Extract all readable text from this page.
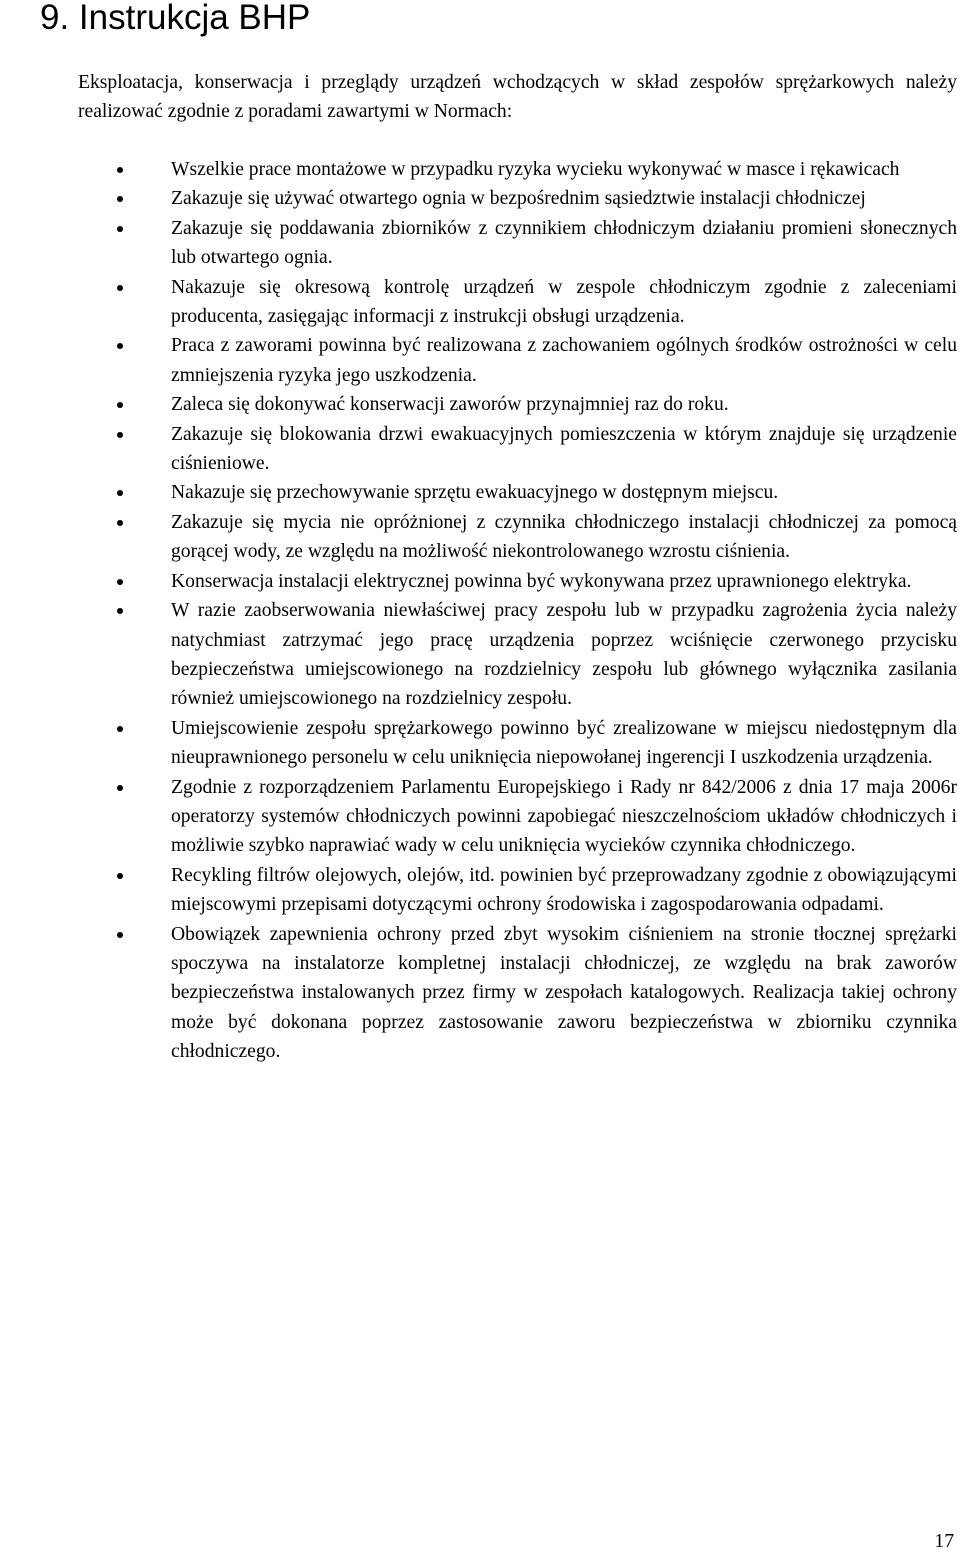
9. Instrukcja BHP

Eksploatacja, konserwacja i przeglądy urządzeń wchodzących w skład zespołów sprężarkowych należy realizować zgodnie z poradami zawartymi w Normach:

Wszelkie prace montażowe w przypadku ryzyka wycieku wykonywać w masce i rękawicach
Zakazuje się używać otwartego ognia w bezpośrednim sąsiedztwie instalacji chłodniczej
Zakazuje się poddawania zbiorników z czynnikiem chłodniczym działaniu promieni słonecznych lub otwartego ognia.
Nakazuje się okresową kontrolę urządzeń w zespole chłodniczym zgodnie z zaleceniami producenta, zasięgając informacji z instrukcji obsługi urządzenia.
Praca z zaworami powinna być realizowana z zachowaniem ogólnych środków ostrożności w celu zmniejszenia ryzyka jego uszkodzenia.
Zaleca się dokonywać konserwacji zaworów przynajmniej raz do roku.
Zakazuje się blokowania drzwi ewakuacyjnych pomieszczenia w którym znajduje się urządzenie ciśnieniowe.
Nakazuje się przechowywanie sprzętu ewakuacyjnego w dostępnym miejscu.
Zakazuje się mycia nie opróżnionej z czynnika chłodniczego instalacji chłodniczej za pomocą gorącej wody, ze względu na możliwość niekontrolowanego wzrostu ciśnienia.
Konserwacja instalacji elektrycznej powinna być wykonywana przez uprawnionego elektryka.
W razie zaobserwowania niewłaściwej pracy zespołu lub w przypadku zagrożenia życia należy natychmiast zatrzymać jego pracę urządzenia poprzez wciśnięcie czerwonego przycisku bezpieczeństwa umiejscowionego na rozdzielnicy zespołu lub głównego wyłącznika zasilania również umiejscowionego na rozdzielnicy zespołu.
Umiejscowienie zespołu sprężarkowego powinno być zrealizowane w miejscu niedostępnym dla nieuprawnionego personelu w celu uniknięcia niepowołanej ingerencji I uszkodzenia urządzenia.
Zgodnie z rozporządzeniem Parlamentu Europejskiego i Rady nr 842/2006 z dnia 17 maja 2006r operatorzy systemów chłodniczych powinni zapobiegać nieszczelnościom układów chłodniczych i możliwie szybko naprawiać wady w celu uniknięcia wycieków czynnika chłodniczego.
Recykling filtrów olejowych, olejów, itd. powinien być przeprowadzany zgodnie z obowiązującymi miejscowymi przepisami dotyczącymi ochrony środowiska i zagospodarowania odpadami.
Obowiązek zapewnienia ochrony przed zbyt wysokim ciśnieniem na stronie tłocznej sprężarki spoczywa na instalatorze kompletnej instalacji chłodniczej, ze względu na brak zaworów bezpieczeństwa instalowanych przez firmy w zespołach katalogowych. Realizacja takiej ochrony może być dokonana poprzez zastosowanie zaworu bezpieczeństwa w zbiorniku czynnika chłodniczego.
17
